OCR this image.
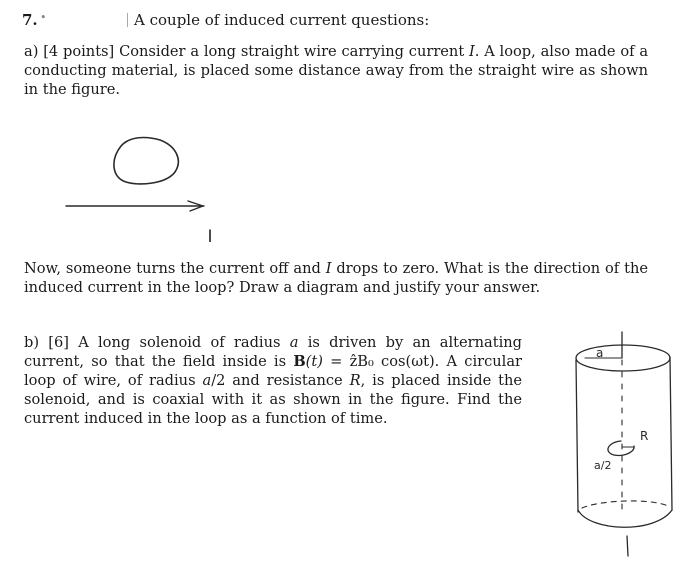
7. •	A couple of induced current questions:
a) [4 points] Consider a long straight wire carrying current I. A loop, also made of a conducting material, is placed some distance away from the straight wire as shown in the figure.
I
Now, someone turns the current off and I drops to zero. What is the direction of the induced current in the loop? Draw a diagram and justify your answer.
b) [6] A long solenoid of radius a is driven by an alternating current, so that the field inside is B(t) = ẑB₀ cos(ωt). A circular loop of wire, of radius a/2 and resistance R, is placed inside the solenoid, and is coaxial with it as shown in the figure. Find the current induced in the loop as a function of time.
a
R
a/2
